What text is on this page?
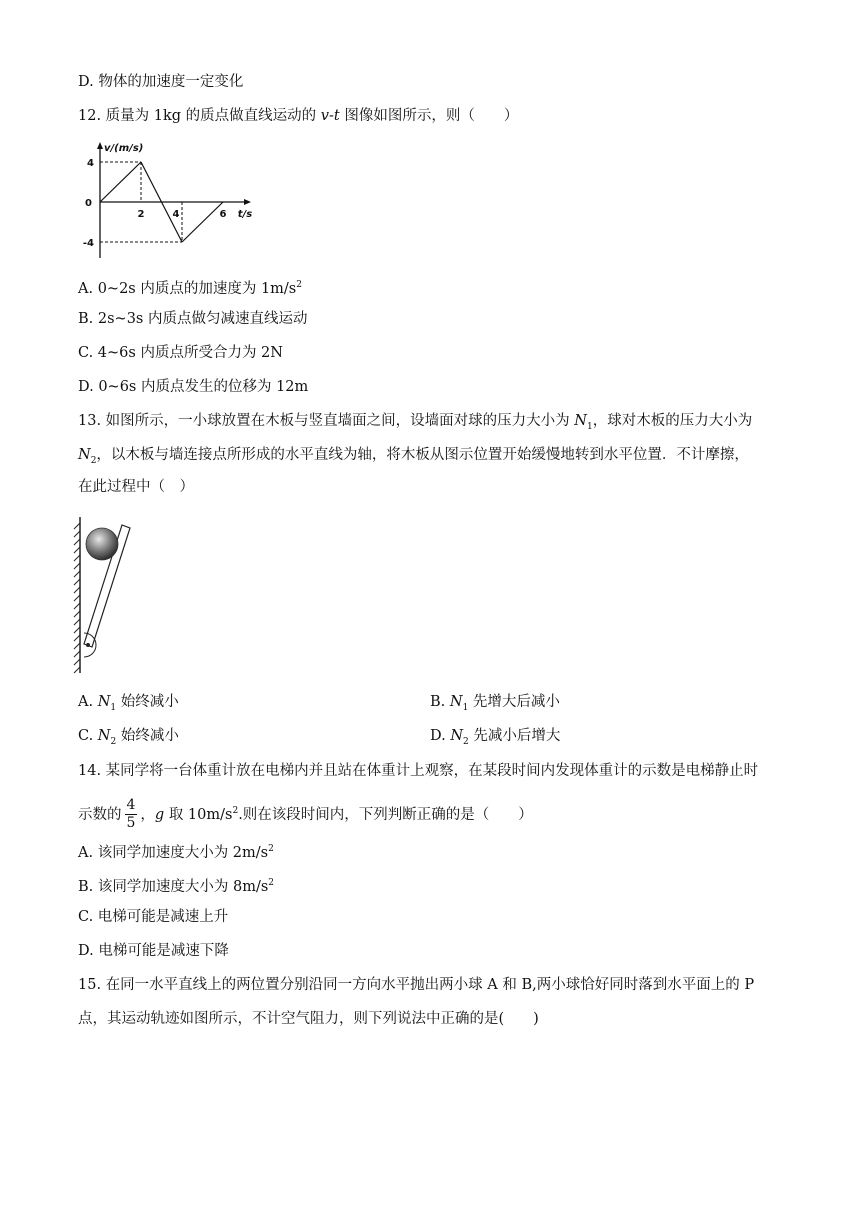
D. 物体的加速度一定变化
12. 质量为 1kg 的质点做直线运动的 v-t 图像如图所示，则（　　）
v/(m/s)
4
-4
0
2	4	6 t/s
A. 0~2s 内质点的加速度为 $1m/s^2$
B. 2s~3s 内质点做匀减速直线运动
C. 4~6s 内质点所受合力为 2N
D. 0~6s 内质点发生的位移为 12m
13. 如图所示，一小球放置在木板与竖直墙面之间，设墙面对球的压力大小为 $N_1$，球对木板的压力大小为
$N_2$，以木板与墙连接点所形成的水平直线为轴，将木板从图示位置开始缓慢地转到水平位置．不计摩擦，
在此过程中（　）
A. $N_1$ 始终减小	B. $N_1$ 先增大后减小
C. $N_2$ 始终减小	D. $N_2$ 先减小后增大
14. 某同学将一台体重计放在电梯内并且站在体重计上观察，在某段时间内发现体重计的示数是电梯静止时
示数的 $\frac{4}{5}$ ，g 取 $10m/s^2$.则在该段时间内，下列判断正确的是（　　）
A. 该同学加速度大小为 $2m/s^2$
B. 该同学加速度大小为 $8m/s^2$
C. 电梯可能是减速上升
D. 电梯可能是减速下降
15. 在同一水平直线上的两位置分别沿同一方向水平抛出两小球 A 和 B,两小球恰好同时落到水平面上的 P
点，其运动轨迹如图所示，不计空气阻力，则下列说法中正确的是(　　)
